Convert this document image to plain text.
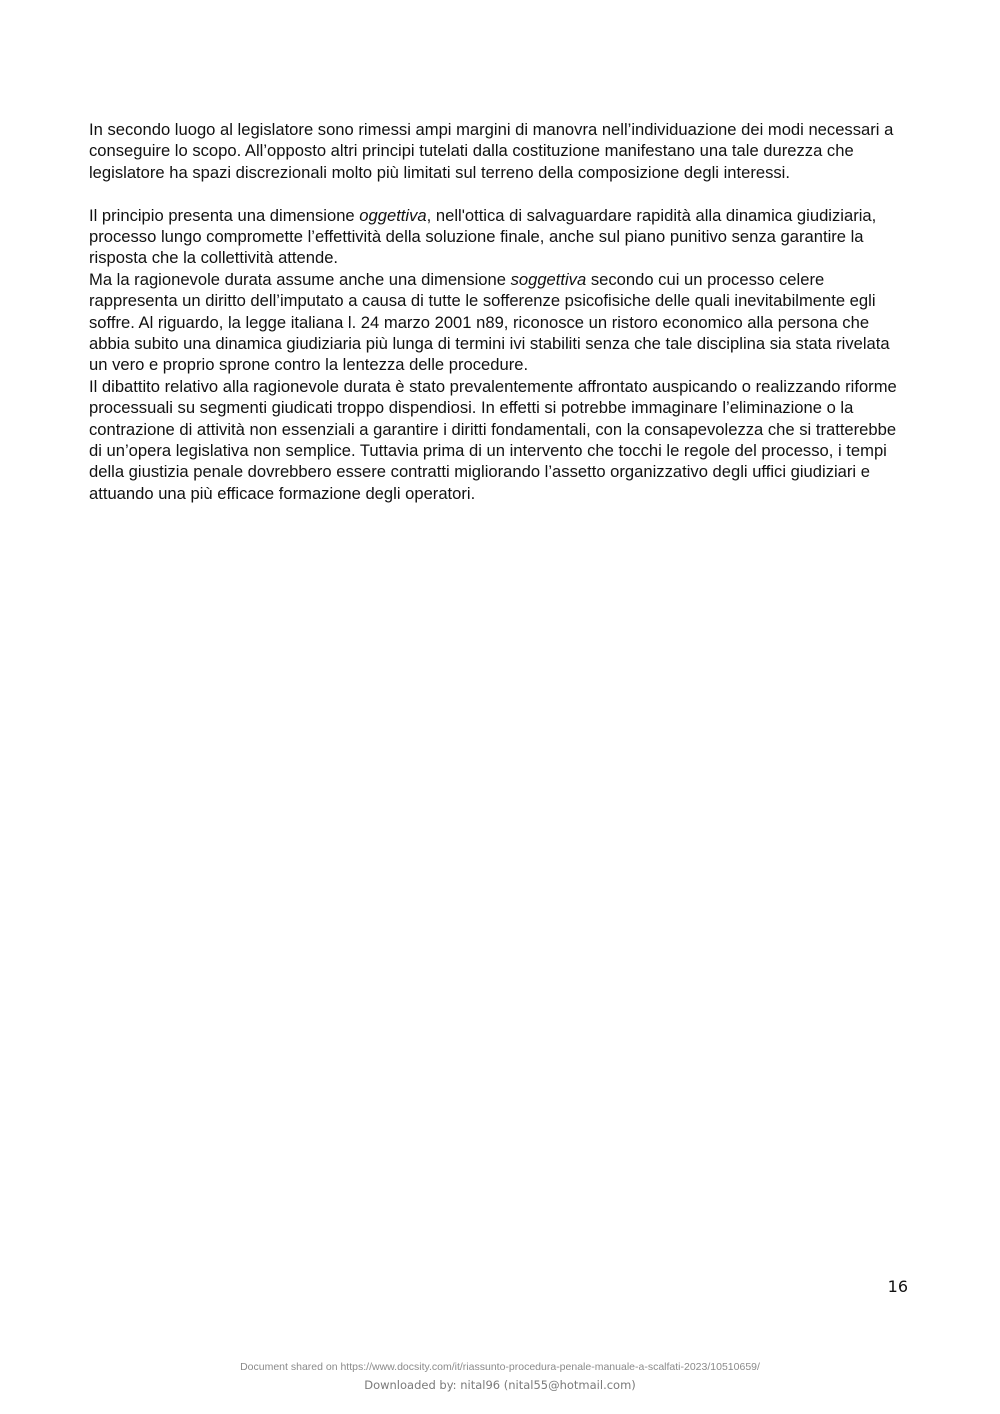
In secondo luogo al legislatore sono rimessi ampi margini di manovra nell’individuazione dei modi necessari a conseguire lo scopo. All’opposto altri principi tutelati dalla costituzione manifestano una tale durezza che legislatore ha spazi discrezionali molto più limitati sul terreno della composizione degli interessi.

Il principio presenta una dimensione oggettiva, nell'ottica di salvaguardare rapidità alla dinamica giudiziaria, processo lungo compromette l’effettività della soluzione finale, anche sul piano punitivo senza garantire la risposta che la collettività attende.

Ma la ragionevole durata assume anche una dimensione soggettiva secondo cui un processo celere rappresenta un diritto dell’imputato a causa di tutte le sofferenze psicofisiche delle quali inevitabilmente egli soffre. Al riguardo, la legge italiana l. 24 marzo 2001 n89, riconosce un ristoro economico alla persona che abbia subito una dinamica giudiziaria più lunga di termini ivi stabiliti senza che tale disciplina sia stata rivelata un vero e proprio sprone contro la lentezza delle procedure.

Il dibattito relativo alla ragionevole durata è stato prevalentemente affrontato auspicando o realizzando riforme processuali su segmenti giudicati troppo dispendiosi. In effetti si potrebbe immaginare l’eliminazione o la contrazione di attività non essenziali a garantire i diritti fondamentali, con la consapevolezza che si tratterebbe di un’opera legislativa non semplice. Tuttavia prima di un intervento che tocchi le regole del processo, i tempi della giustizia penale dovrebbero essere contratti migliorando l’assetto organizzativo degli uffici giudiziari e attuando una più efficace formazione degli operatori.

16
Document shared on https://www.docsity.com/it/riassunto-procedura-penale-manuale-a-scalfati-2023/10510659/
Downloaded by: nital96 (nital55@hotmail.com)
